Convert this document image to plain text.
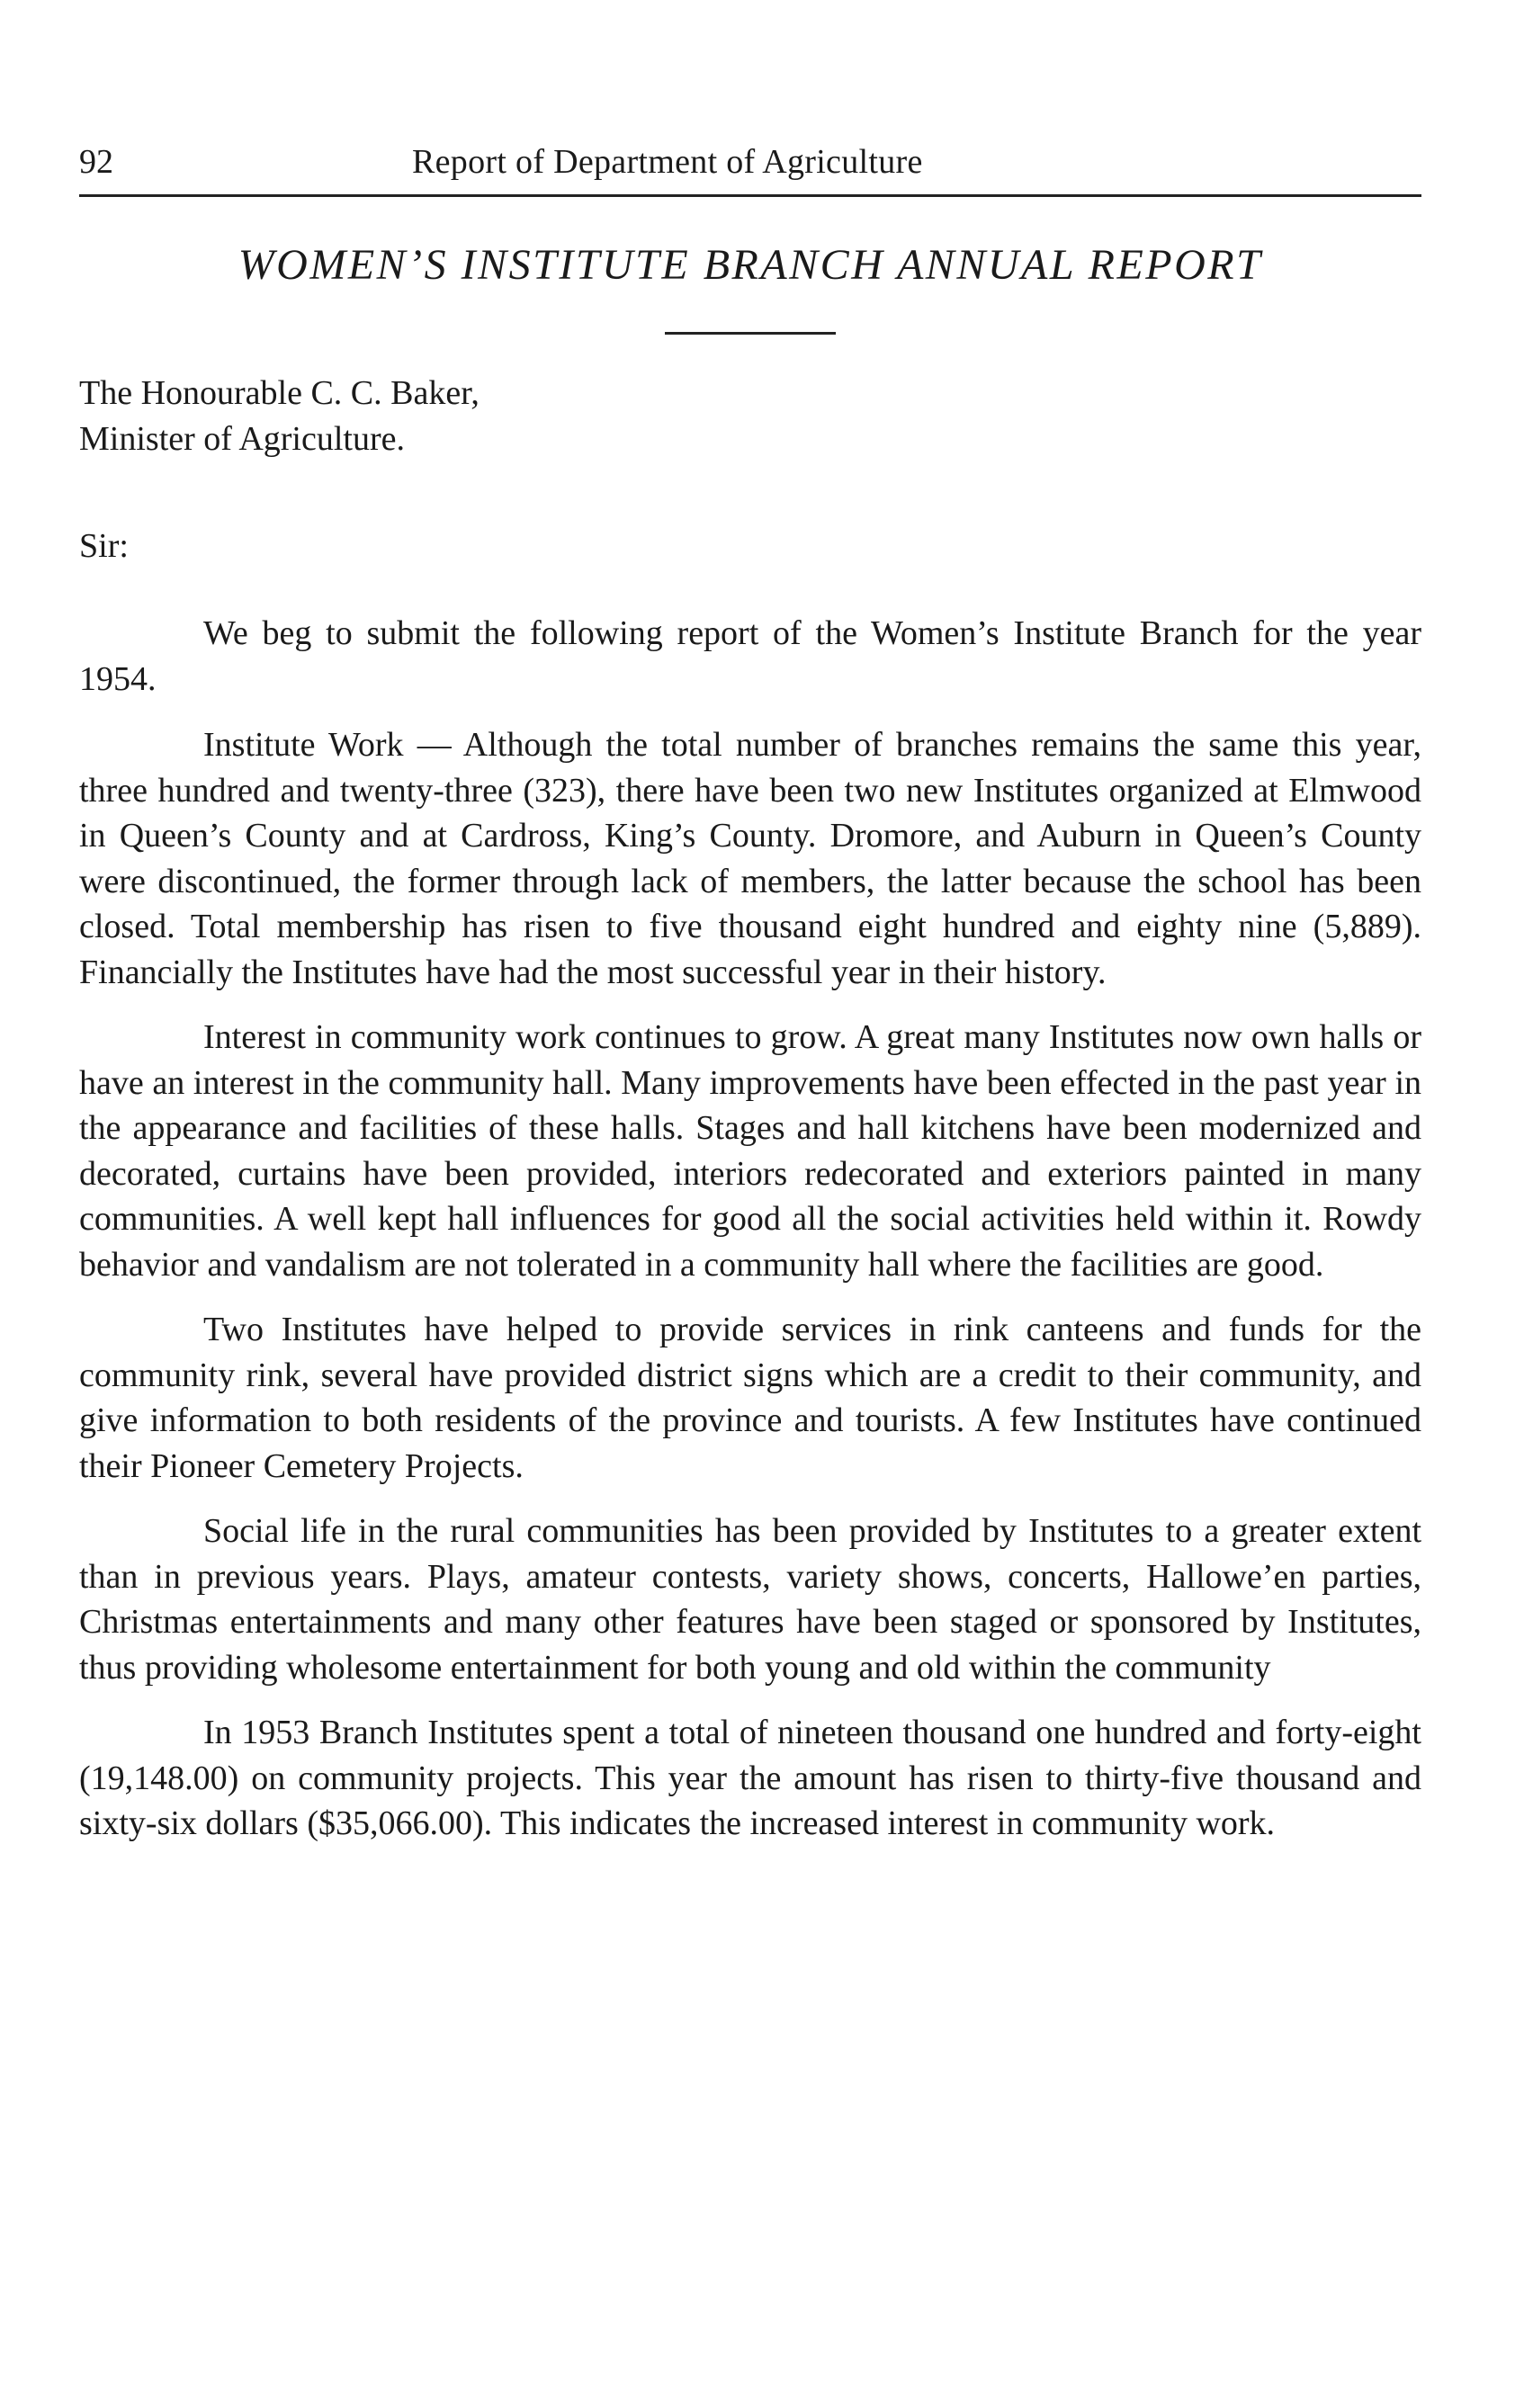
92	Report of Department of Agriculture
WOMEN’S INSTITUTE BRANCH ANNUAL REPORT
The Honourable C. C. Baker,
Minister of Agriculture.
Sir:

We beg to submit the following report of the Women’s Institute Branch for the year 1954.

Institute Work — Although the total number of branches remains the same this year, three hundred and twenty-three (323), there have been two new Institutes organized at Elmwood in Queen’s County and at Cardross, King’s County. Dromore, and Auburn in Queen’s County were discontinued, the former through lack of members, the latter because the school has been closed. Total membership has risen to five thousand eight hundred and eighty nine (5,889). Financially the Institutes have had the most successful year in their history.

Interest in community work continues to grow. A great many Institutes now own halls or have an interest in the community hall. Many improvements have been effected in the past year in the appearance and facilities of these halls. Stages and hall kitchens have been modernized and decorated, curtains have been provided, interiors redecorated and exteriors painted in many communities. A well kept hall influences for good all the social activities held within it. Rowdy behavior and vandalism are not tolerated in a community hall where the facilities are good.

Two Institutes have helped to provide services in rink canteens and funds for the community rink, several have provided district signs which are a credit to their community, and give information to both residents of the province and tourists. A few Institutes have continued their Pioneer Cemetery Projects.

Social life in the rural communities has been provided by Institutes to a greater extent than in previous years. Plays, amateur contests, variety shows, concerts, Hallowe’en parties, Christmas entertainments and many other features have been staged or sponsored by Institutes, thus providing wholesome entertainment for both young and old within the community

In 1953 Branch Institutes spent a total of nineteen thousand one hundred and forty-eight (19,148.00) on community projects. This year the amount has risen to thirty-five thousand and sixty-six dollars ($35,066.00). This indicates the increased interest in community work.
